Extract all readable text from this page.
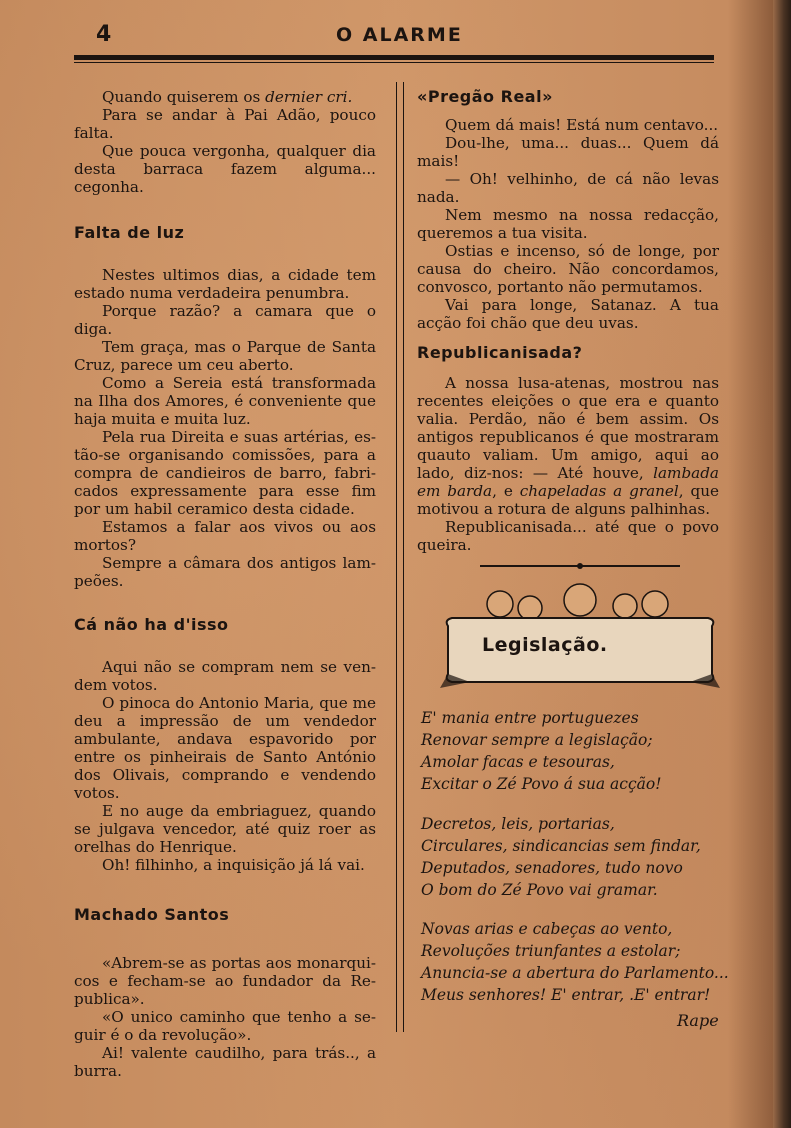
4	O ALARME

Quando quiserem os dernier cri.

Para se andar à Pai Adão, pouco falta.

Que pouca vergonha, qualquer dia desta barraca fazem alguma... cegonha.

Falta de luz

Nestes ultimos dias, a cidade tem estado numa verdadeira penumbra.

Porque razão? a camara que o diga.

Tem graça, mas o Parque de Santa Cruz, parece um ceu aberto.

Como a Sereia está transformada na Ilha dos Amores, é conveniente que haja muita e muita luz.

Pela rua Direita e suas artérias, es-tão-se organisando comissões, para a compra de candieiros de barro, fabri-cados expressamente para esse fim por um habil ceramico desta cidade.

Estamos a falar aos vivos ou aos mortos?

Sempre a câmara dos antigos lam-peões.

Cá não ha d'isso

Aqui não se compram nem se ven-dem votos.

O pinoca do Antonio Maria, que me deu a impressão de um vendedor ambulante, andava espavorido por entre os pinheirais de Santo António dos Olivais, comprando e vendendo votos.

E no auge da embriaguez, quando se julgava vencedor, até quiz roer as orelhas do Henrique.

Oh! filhinho, a inquisição já lá vai.

Machado Santos

«Abrem-se as portas aos monarqui-cos e fecham-se ao fundador da Re-publica».

«O unico caminho que tenho a se-guir é o da revolução».

Ai! valente caudilho, para trás.., a burra.

«Pregão Real»

Quem dá mais! Está num centavo...

Dou-lhe, uma... duas... Quem dá mais!

— Oh! velhinho, de cá não levas nada.

Nem mesmo na nossa redacção, queremos a tua visita.

Ostias e incenso, só de longe, por causa do cheiro. Não concordamos, convosco, portanto não permutamos.

Vai para longe, Satanaz. A tua acção foi chão que deu uvas.

Republicanisada?

A nossa lusa-atenas, mostrou nas recentes eleições o que era e quanto valia. Perdão, não é bem assim. Os antigos republicanos é que mostraram quauto valiam. Um amigo, aqui ao lado, diz-nos: — Até houve, lambada em barda, e chapeladas a granel, que motivou a rotura de alguns palhinhas.

Republicanisada... até que o povo queira.

Legislação.
E' mania entre portuguezes
Renovar sempre a legislação;
Amolar facas e tesouras,
Excitar o Zé Povo á sua acção!
Decretos, leis, portarias,
Circulares, sindicancias sem findar,
Deputados, senadores, tudo novo
O bom do Zé Povo vai gramar.
Novas arias e cabeças ao vento,
Revoluções triunfantes a estolar;
Anuncia-se a abertura do Parlamento...
Meus senhores! E' entrar, .E' entrar!
Rape
